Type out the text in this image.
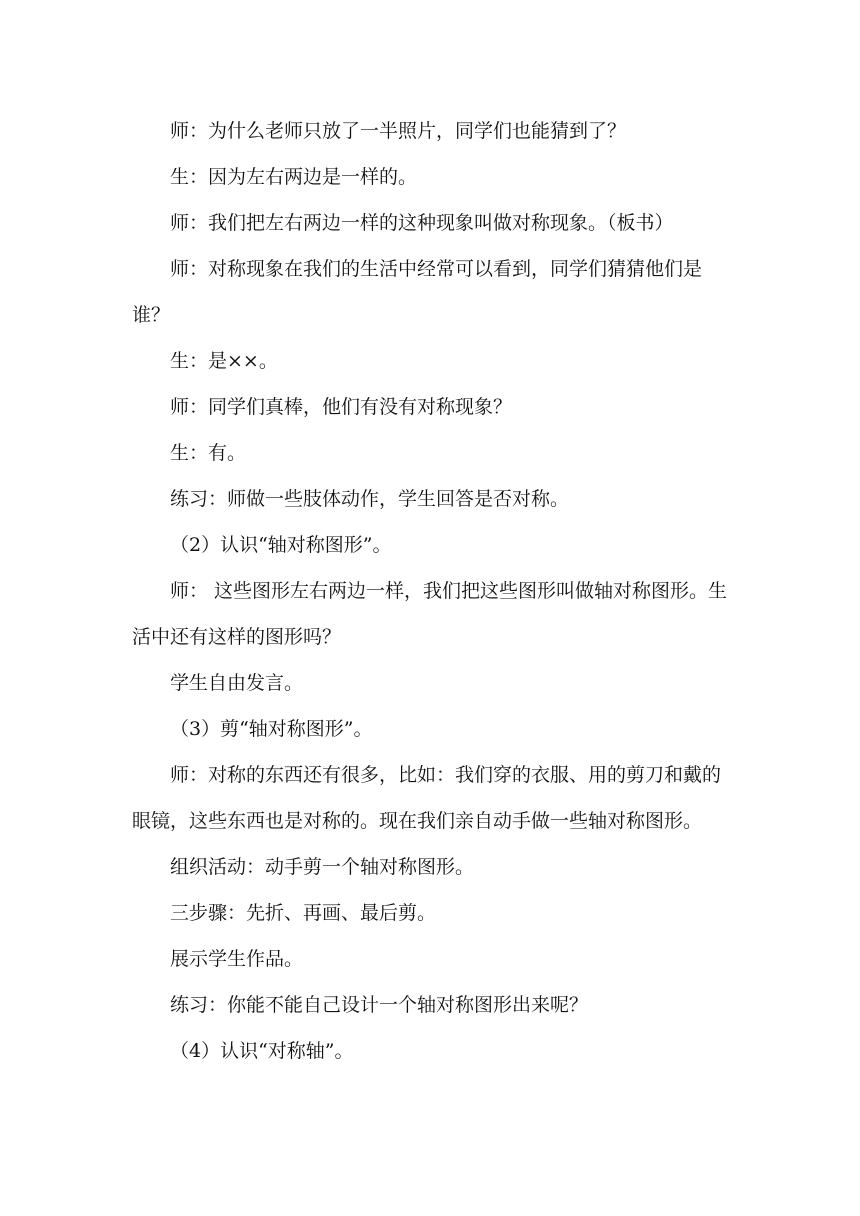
师：为什么老师只放了一半照片，同学们也能猜到了？

生：因为左右两边是一样的。

师：我们把左右两边一样的这种现象叫做对称现象。（板书）

师：对称现象在我们的生活中经常可以看到，同学们猜猜他们是谁？

生：是××。

师：同学们真棒，他们有没有对称现象？

生：有。

练习：师做一些肢体动作，学生回答是否对称。

（2）认识“轴对称图形”。

师： 这些图形左右两边一样，我们把这些图形叫做轴对称图形。生活中还有这样的图形吗？

学生自由发言。

（3）剪“轴对称图形”。

师：对称的东西还有很多，比如：我们穿的衣服、用的剪刀和戴的眼镜，这些东西也是对称的。现在我们亲自动手做一些轴对称图形。

组织活动：动手剪一个轴对称图形。

三步骤：先折、再画、最后剪。

展示学生作品。

练习：你能不能自己设计一个轴对称图形出来呢？

（4）认识“对称轴”。
